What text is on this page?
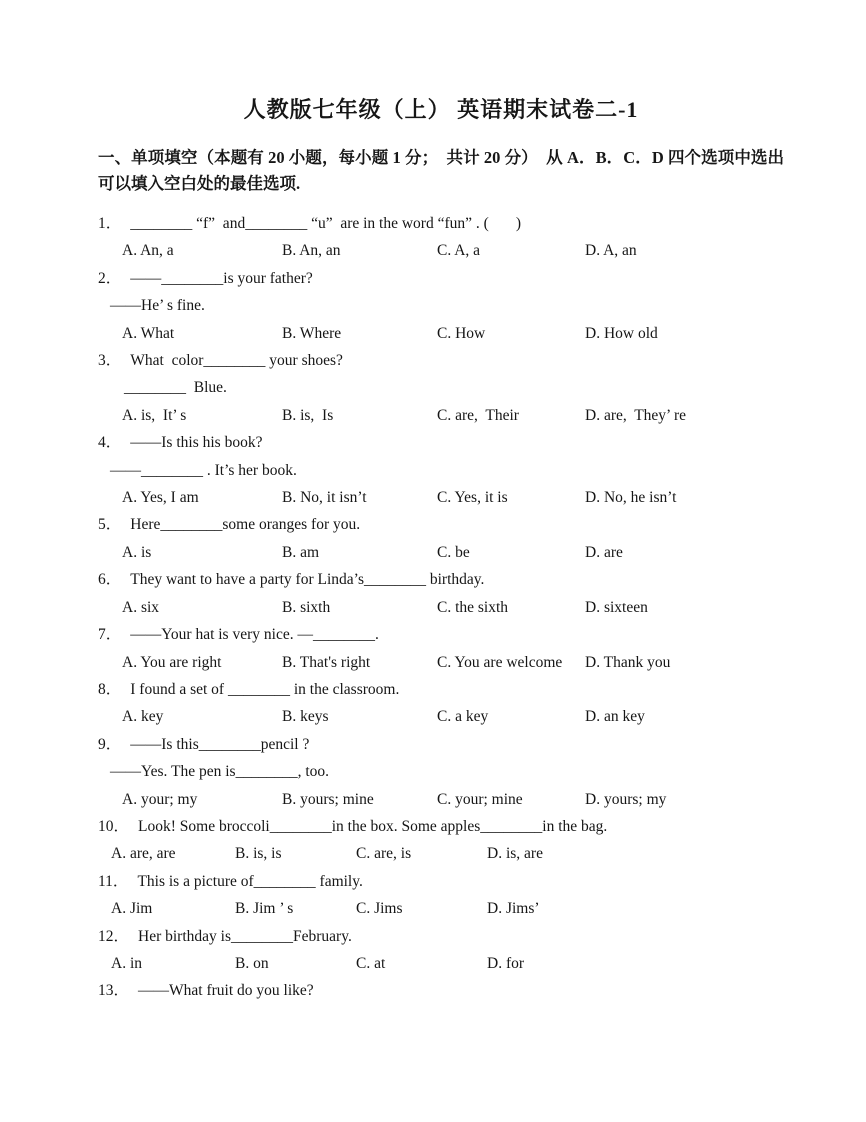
人教版七年级（上） 英语期末试卷二-1

一、单项填空（本题有 20 小题，每小题 1 分；  共计 20 分）  从 A．B．C．D 四个选项中选出可以填入空白处的最佳选项.

1． ________ “f”  and________ “u”  are in the word “fun” . (       )
A. An, a	B. An, an	C. A, a	D. A, an
2． ——________is your father?
——He’ s fine.
A. What	B. Where	C. How	D. How old
3． What  color________ your shoes?
________  Blue.
A. is,  It’ s	B. is,  Is	C. are,  Their	D. are,  They’ re
4． ——Is this his book?
——________ . It’s her book.
A. Yes, I am	B. No, it isn’t	C. Yes, it is	D. No, he isn’t
5． Here________some oranges for you.
A. is	B. am	C. be	D. are
6． They want to have a party for Linda’s________ birthday.
A. six	B. sixth	C. the sixth	D. sixteen
7． ——Your hat is very nice. —________.
A. You are right	B. That's right	C. You are welcome	D. Thank you
8． I found a set of ________ in the classroom.
A. key	B. keys	C. a key	D. an key
9． ——Is this________pencil ?
——Yes. The pen is________, too.
A. your; my	B. yours; mine	C. your; mine	D. yours; my
10． Look! Some broccoli________in the box. Some apples________in the bag.
A. are, are	B. is, is	C. are, is	D. is, are
11． This is a picture of________ family.
A. Jim	B. Jim ’ s	C. Jims	D. Jims’
12． Her birthday is________February.
A. in	B. on	C. at	D. for
13． ——What fruit do you like?
